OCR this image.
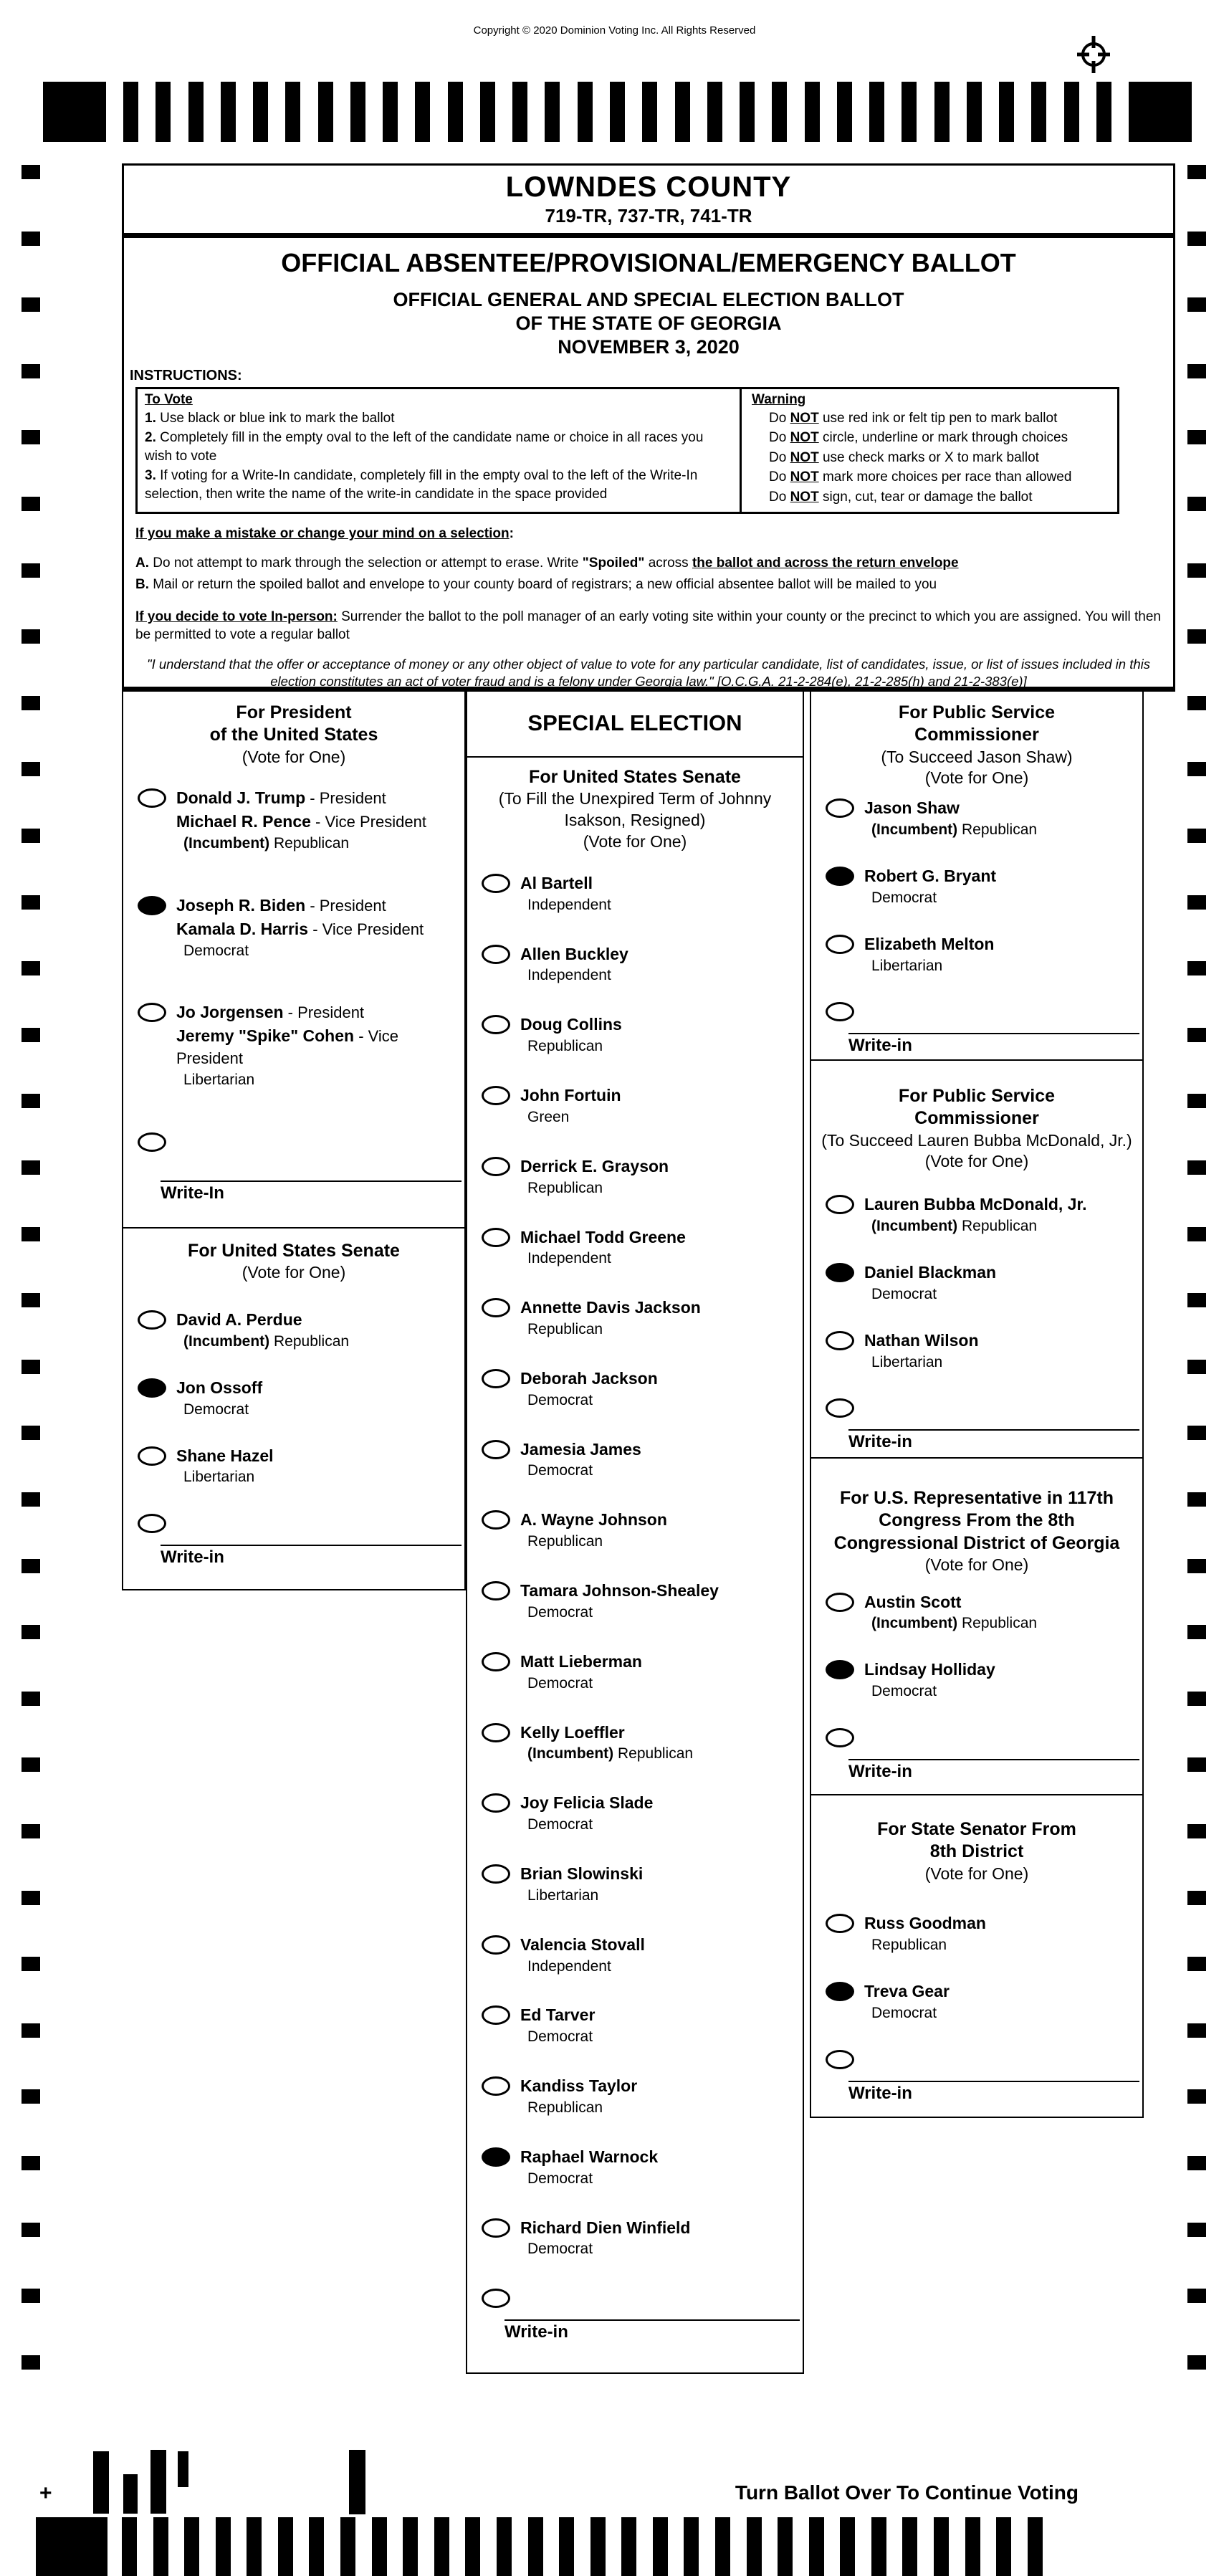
Copyright © 2020 Dominion Voting Inc. All Rights Reserved
LOWNDES COUNTY
719-TR, 737-TR, 741-TR
OFFICIAL ABSENTEE/PROVISIONAL/EMERGENCY BALLOT
OFFICIAL GENERAL AND SPECIAL ELECTION BALLOT
OF THE STATE OF GEORGIA
NOVEMBER 3, 2020
INSTRUCTIONS:
To Vote

1. Use black or blue ink to mark the ballot

2. Completely fill in the empty oval to the left of the candidate name or choice in all races you wish to vote

3. If voting for a Write-In candidate, completely fill in the empty oval to the left of the Write-In selection, then write the name of the write-in candidate in the space provided

Warning

Do NOT use red ink or felt tip pen to mark ballot

Do NOT circle, underline or mark through choices

Do NOT use check marks or X to mark ballot

Do NOT mark more choices per race than allowed

Do NOT sign, cut, tear or damage the ballot

If you make a mistake or change your mind on a selection:

A. Do not attempt to mark through the selection or attempt to erase. Write "Spoiled" across the ballot and across the return envelope

B. Mail or return the spoiled ballot and envelope to your county board of registrars; a new official absentee ballot will be mailed to you

If you decide to vote In-person: Surrender the ballot to the poll manager of an early voting site within your county or the precinct to which you are assigned. You will then be permitted to vote a regular ballot

"I understand that the offer or acceptance of money or any other object of value to vote for any particular candidate, list of candidates, issue, or list of issues included in this election constitutes an act of voter fraud and is a felony under Georgia law." [O.C.G.A. 21-2-284(e), 21-2-285(h) and 21-2-383(e)]
For President
of the United States
(Vote for One)
Donald J. Trump - President
Michael R. Pence - Vice President
(Incumbent) Republican
Joseph R. Biden - President
Kamala D. Harris - Vice President
Democrat
Jo Jorgensen - President
Jeremy "Spike" Cohen - Vice President
Libertarian
Write-In
For United States Senate
(Vote for One)
David A. Perdue
(Incumbent) Republican
Jon Ossoff
Democrat
Shane Hazel
Libertarian
Write-in
SPECIAL ELECTION
For United States Senate
(To Fill the Unexpired Term of Johnny
Isakson, Resigned)
(Vote for One)
Al Bartell
Independent
Allen Buckley
Independent
Doug Collins
Republican
John Fortuin
Green
Derrick E. Grayson
Republican
Michael Todd Greene
Independent
Annette Davis Jackson
Republican
Deborah Jackson
Democrat
Jamesia James
Democrat
A. Wayne Johnson
Republican
Tamara Johnson-Shealey
Democrat
Matt Lieberman
Democrat
Kelly Loeffler
(Incumbent) Republican
Joy Felicia Slade
Democrat
Brian Slowinski
Libertarian
Valencia Stovall
Independent
Ed Tarver
Democrat
Kandiss Taylor
Republican
Raphael Warnock
Democrat
Richard Dien Winfield
Democrat
Write-in
For Public Service
Commissioner
(To Succeed Jason Shaw)
(Vote for One)
Jason Shaw
(Incumbent) Republican
Robert G. Bryant
Democrat
Elizabeth Melton
Libertarian
Write-in
For Public Service
Commissioner
(To Succeed Lauren Bubba McDonald, Jr.)
(Vote for One)
Lauren Bubba McDonald, Jr.
(Incumbent) Republican
Daniel Blackman
Democrat
Nathan Wilson
Libertarian
Write-in
For U.S. Representative in 117th
Congress From the 8th
Congressional District of Georgia
(Vote for One)
Austin Scott
(Incumbent) Republican
Lindsay Holliday
Democrat
Write-in
For State Senator From
8th District
(Vote for One)
Russ Goodman
Republican
Treva Gear
Democrat
Write-in
+
30
Turn Ballot Over To Continue Voting
